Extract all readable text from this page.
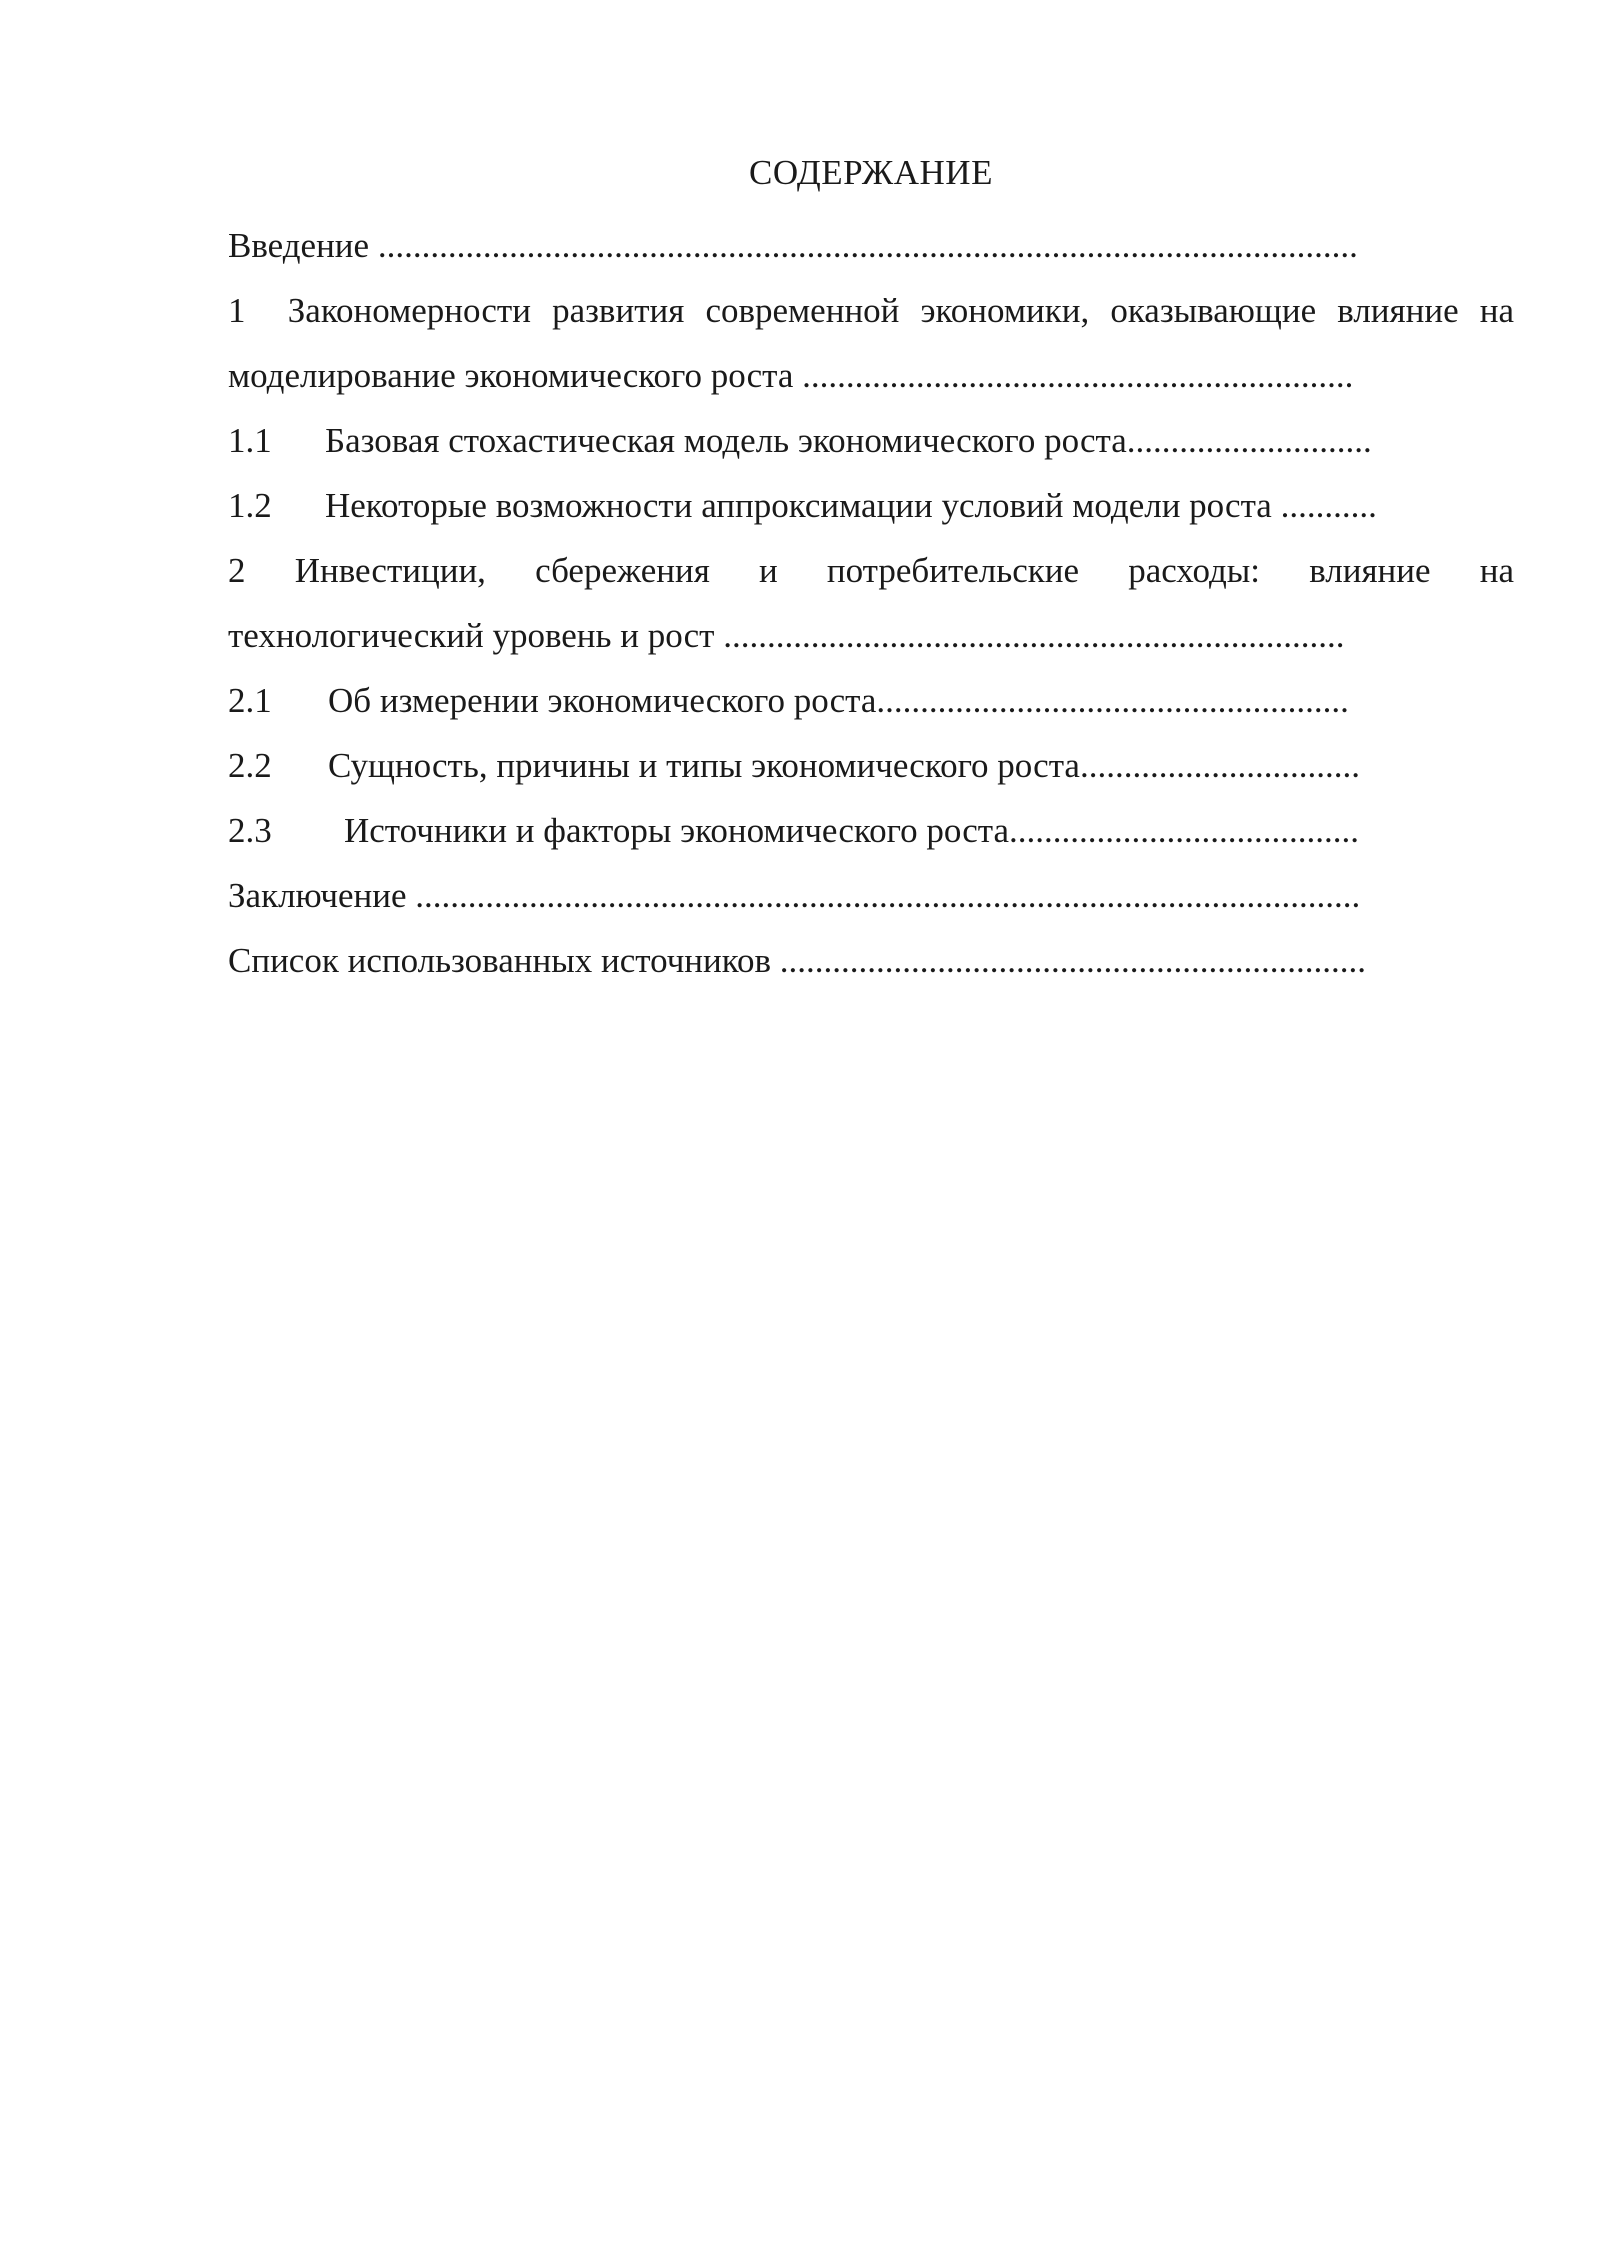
СОДЕРЖАНИЕ

Введение ................................................................................................................

1 Закономерности развития современной экономики, оказывающие влияние на
моделирование экономического роста ...............................................................

1.1 Базовая стохастическая модель экономического роста............................

1.2 Некоторые возможности аппроксимации условий модели роста ...........

2 Инвестиции, сбережения и потребительские расходы: влияние на
технологический уровень и рост .......................................................................

2.1 Об измерении экономического роста......................................................

2.2 Сущность, причины и типы экономического роста................................

2.3 Источники и факторы экономического роста........................................

Заключение ............................................................................................................

Список использованных источников ...................................................................
